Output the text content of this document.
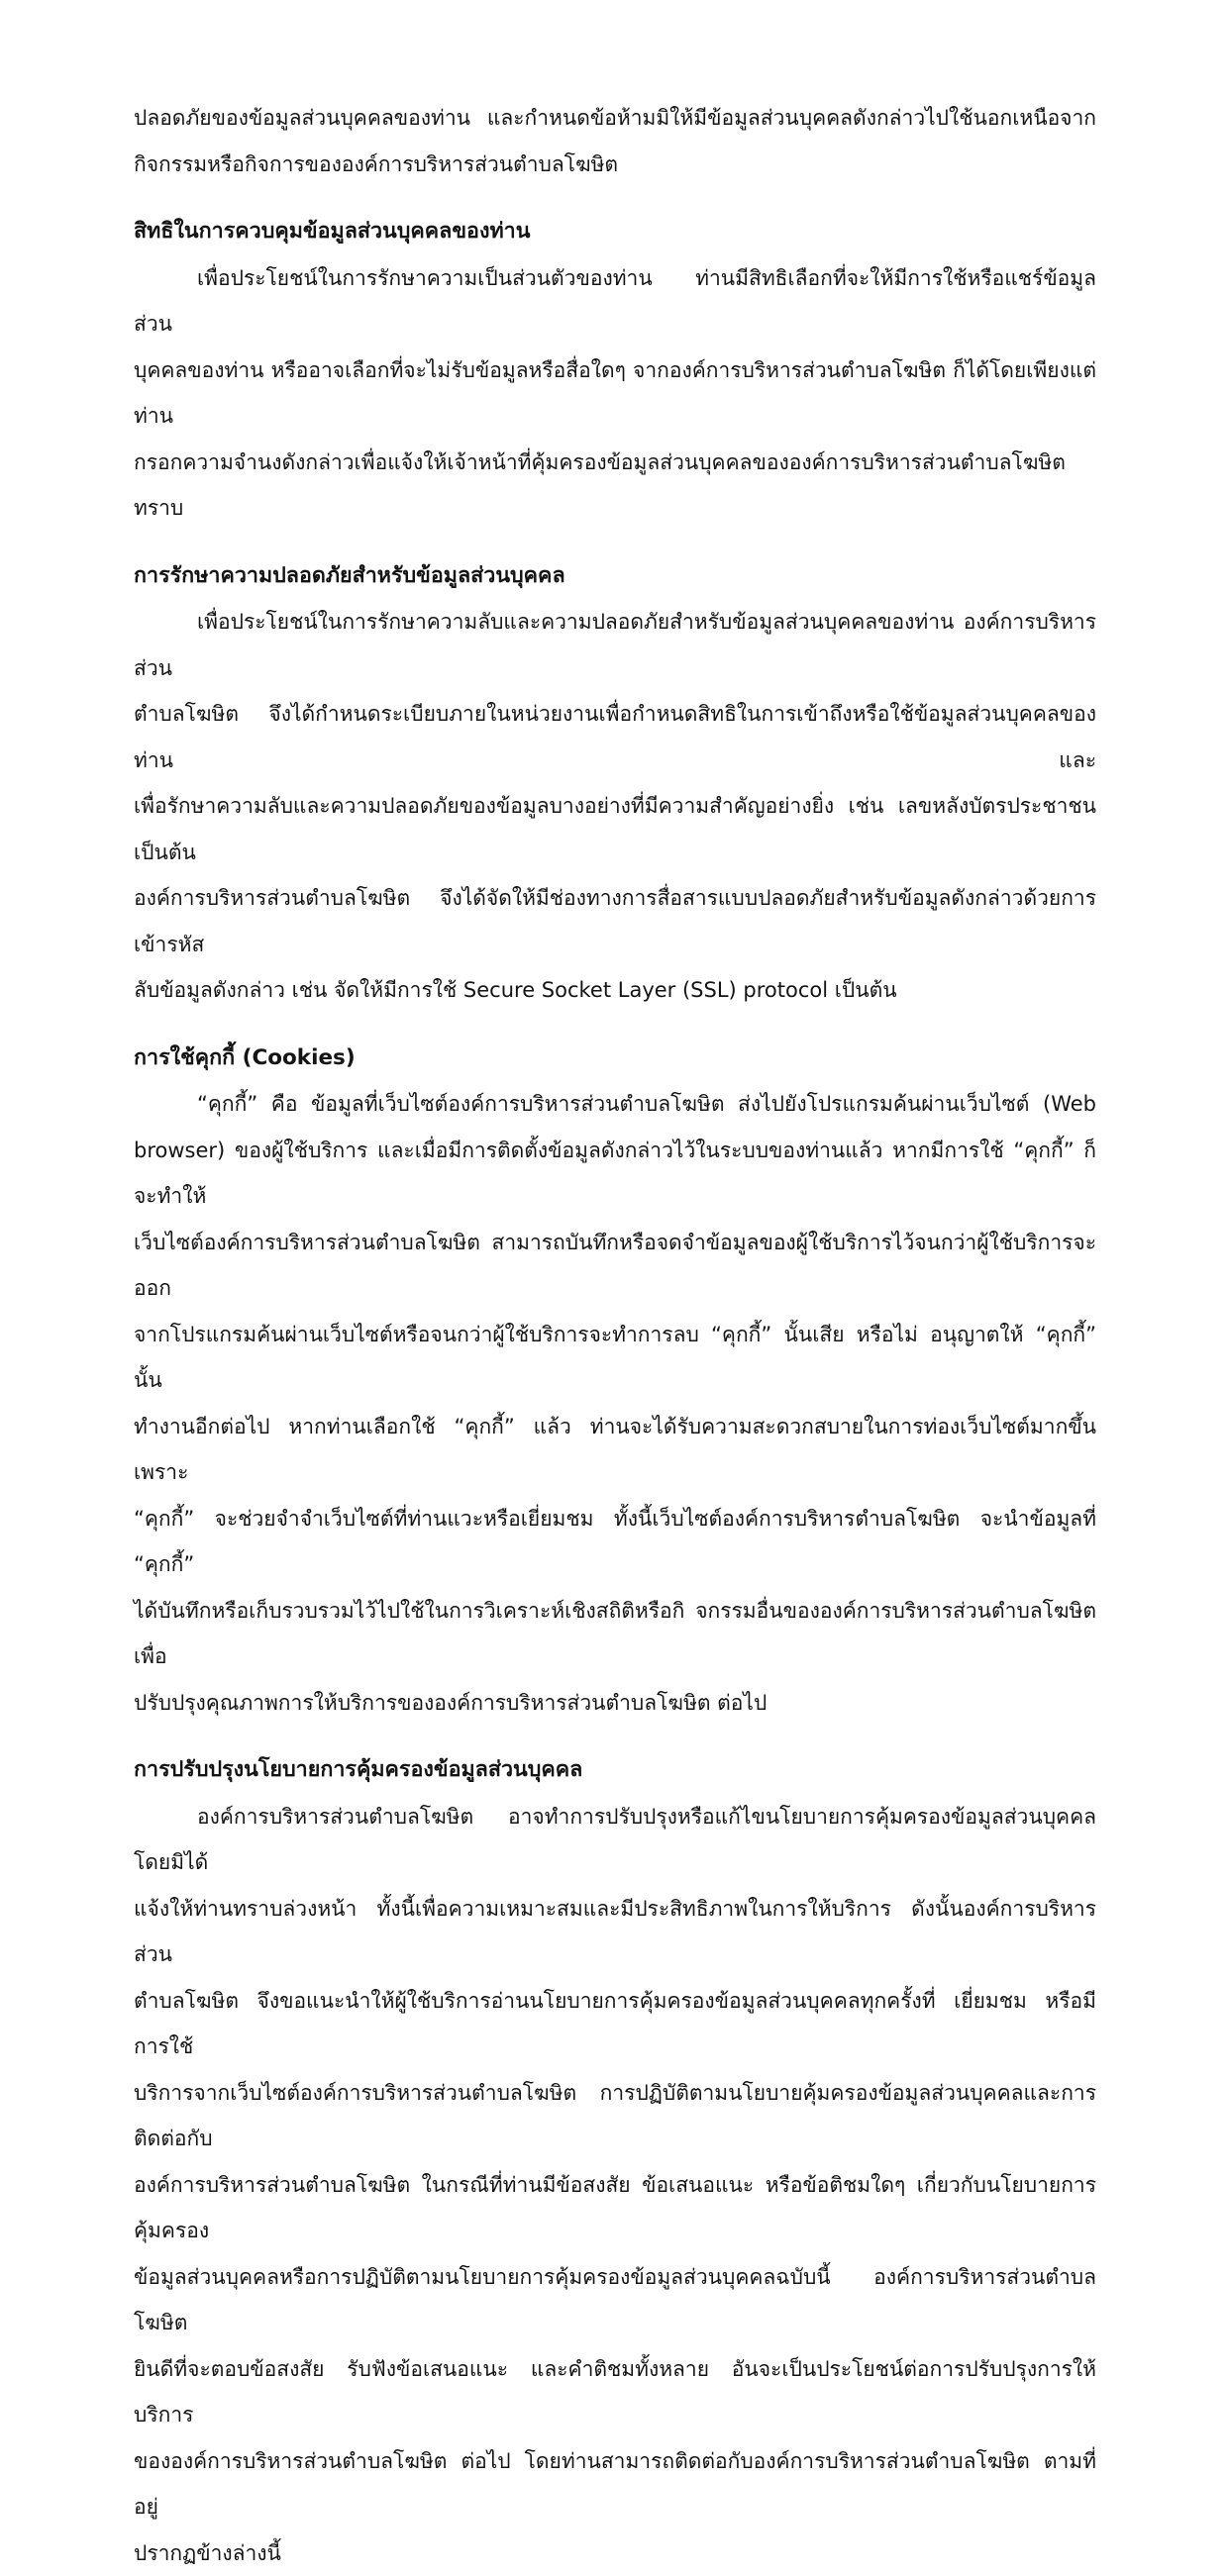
ปลอดภัยของข้อมูลส่วนบุคคลของท่าน และกำหนดข้อห้ามมิให้มีข้อมูลส่วนบุคคลดังกล่าวไปใช้นอกเหนือจาก
กิจกรรมหรือกิจการขององค์การบริหารส่วนตำบลโฆษิต
สิทธิในการควบคุมข้อมูลส่วนบุคคลของท่าน
เพื่อประโยชน์ในการรักษาความเป็นส่วนตัวของท่าน ท่านมีสิทธิเลือกที่จะให้มีการใช้หรือแชร์ข้อมูลส่วน
บุคคลของท่าน หรืออาจเลือกที่จะไม่รับข้อมูลหรือสื่อใดๆ จากองค์การบริหารส่วนตำบลโฆษิต ก็ได้โดยเพียงแต่ท่าน
กรอกความจำนงดังกล่าวเพื่อแจ้งให้เจ้าหน้าที่คุ้มครองข้อมูลส่วนบุคคลขององค์การบริหารส่วนตำบลโฆษิต ทราบ
การรักษาความปลอดภัยสำหรับข้อมูลส่วนบุคคล
เพื่อประโยชน์ในการรักษาความลับและความปลอดภัยสำหรับข้อมูลส่วนบุคคลของท่าน องค์การบริหารส่วน
ตำบลโฆษิต จึงได้กำหนดระเบียบภายในหน่วยงานเพื่อกำหนดสิทธิในการเข้าถึงหรือใช้ข้อมูลส่วนบุคคลของท่าน และ
เพื่อรักษาความลับและความปลอดภัยของข้อมูลบางอย่างที่มีความสำคัญอย่างยิ่ง เช่น เลขหลังบัตรประชาชน เป็นต้น
องค์การบริหารส่วนตำบลโฆษิต จึงได้จัดให้มีช่องทางการสื่อสารแบบปลอดภัยสำหรับข้อมูลดังกล่าวด้วยการเข้ารหัส
ลับข้อมูลดังกล่าว เช่น จัดให้มีการใช้ Secure Socket Layer (SSL) protocol เป็นต้น
การใช้คุกกี้ (Cookies)
“คุกกี้” คือ ข้อมูลที่เว็บไซต์องค์การบริหารส่วนตำบลโฆษิต ส่งไปยังโปรแกรมค้นผ่านเว็บไซต์ (Web
browser) ของผู้ใช้บริการ และเมื่อมีการติดตั้งข้อมูลดังกล่าวไว้ในระบบของท่านแล้ว หากมีการใช้ “คุกกี้” ก็จะทำให้
เว็บไซต์องค์การบริหารส่วนตำบลโฆษิต สามารถบันทึกหรือจดจำข้อมูลของผู้ใช้บริการไว้จนกว่าผู้ใช้บริการจะออก
จากโปรแกรมค้นผ่านเว็บไซต์หรือจนกว่าผู้ใช้บริการจะทำการลบ “คุกกี้” นั้นเสีย หรือไม่ อนุญาตให้ “คุกกี้” นั้น
ทำงานอีกต่อไป หากท่านเลือกใช้ “คุกกี้” แล้ว ท่านจะได้รับความสะดวกสบายในการท่องเว็บไซต์มากขึ้น เพราะ
“คุกกี้” จะช่วยจำจำเว็บไซต์ที่ท่านแวะหรือเยี่ยมชม ทั้งนี้เว็บไซต์องค์การบริหารตำบลโฆษิต จะนำข้อมูลที่ “คุกกี้”
ได้บันทึกหรือเก็บรวบรวมไว้ไปใช้ในการวิเคราะห์เชิงสถิติหรือกิ จกรรมอื่นขององค์การบริหารส่วนตำบลโฆษิต เพื่อ
ปรับปรุงคุณภาพการให้บริการขององค์การบริหารส่วนตำบลโฆษิต ต่อไป
การปรับปรุงนโยบายการคุ้มครองข้อมูลส่วนบุคคล
องค์การบริหารส่วนตำบลโฆษิต อาจทำการปรับปรุงหรือแก้ไขนโยบายการคุ้มครองข้อมูลส่วนบุคคล โดยมิได้
แจ้งให้ท่านทราบล่วงหน้า ทั้งนี้เพื่อความเหมาะสมและมีประสิทธิภาพในการให้บริการ ดังนั้นองค์การบริหารส่วน
ตำบลโฆษิต จึงขอแนะนำให้ผู้ใช้บริการอ่านนโยบายการคุ้มครองข้อมูลส่วนบุคคลทุกครั้งที่ เยี่ยมชม หรือมีการใช้
บริการจากเว็บไซต์องค์การบริหารส่วนตำบลโฆษิต การปฏิบัติตามนโยบายคุ้มครองข้อมูลส่วนบุคคลและการติดต่อกับ
องค์การบริหารส่วนตำบลโฆษิต ในกรณีที่ท่านมีข้อสงสัย ข้อเสนอแนะ หรือข้อติชมใดๆ เกี่ยวกับนโยบายการคุ้มครอง
ข้อมูลส่วนบุคคลหรือการปฏิบัติตามนโยบายการคุ้มครองข้อมูลส่วนบุคคลฉบับนี้ องค์การบริหารส่วนตำบลโฆษิต
ยินดีที่จะตอบข้อสงสัย รับฟังข้อเสนอแนะ และคำติชมทั้งหลาย อันจะเป็นประโยชน์ต่อการปรับปรุงการให้บริการ
ขององค์การบริหารส่วนตำบลโฆษิต ต่อไป โดยท่านสามารถติดต่อกับองค์การบริหารส่วนตำบลโฆษิต ตามที่อยู่
ปรากฏข้างล่างนี้
